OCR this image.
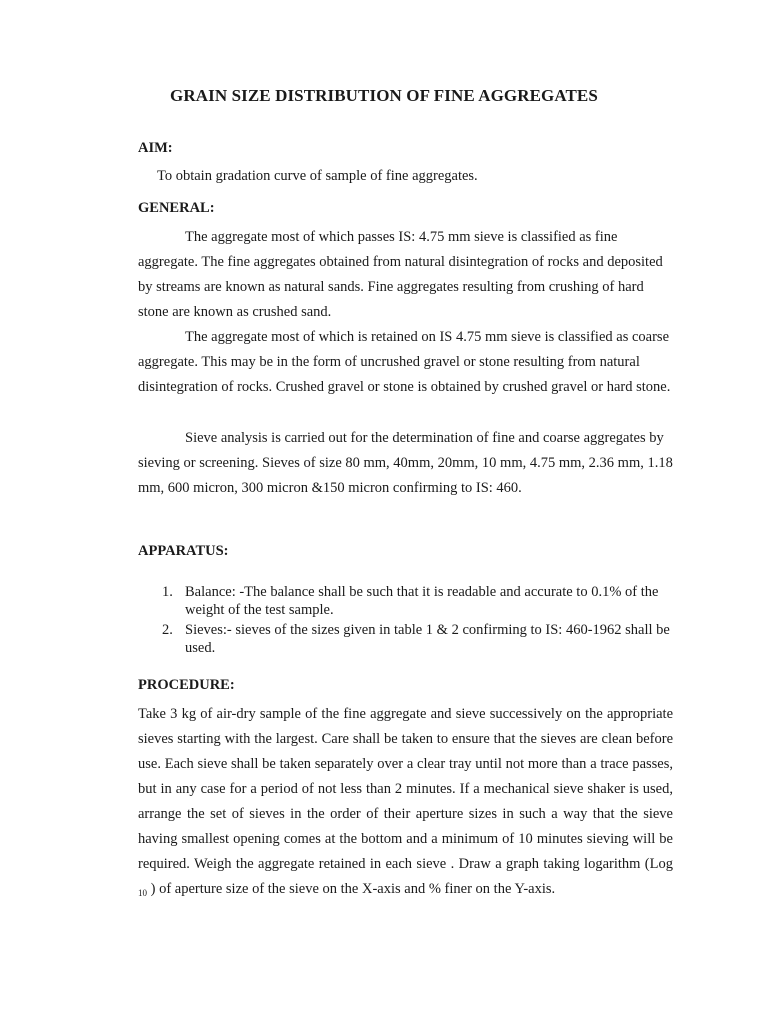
GRAIN SIZE DISTRIBUTION OF FINE AGGREGATES
AIM:
To obtain gradation curve of sample of fine aggregates.
GENERAL:
The aggregate most of which passes IS: 4.75 mm sieve is classified as fine aggregate. The fine aggregates obtained from natural disintegration of rocks and deposited by streams are known as natural sands. Fine aggregates resulting from crushing of hard stone are known as crushed sand.
The aggregate most of which is retained on IS 4.75 mm sieve is classified as coarse aggregate. This may be in the form of uncrushed gravel or stone resulting from natural disintegration of rocks. Crushed gravel or stone is obtained by crushed gravel or hard stone.
Sieve analysis is carried out for the determination of fine and coarse aggregates by sieving or screening. Sieves of size 80 mm, 40mm, 20mm, 10 mm, 4.75 mm, 2.36 mm, 1.18 mm, 600 micron, 300 micron &150 micron confirming to IS: 460.
APPARATUS:
1. Balance: -The balance shall be such that it is readable and accurate to 0.1% of the weight of the test sample.
2. Sieves:- sieves of the sizes given in table 1 & 2 confirming to IS: 460-1962 shall be used.
PROCEDURE:
Take 3 kg of air-dry sample of the fine aggregate and sieve successively on the appropriate sieves starting with the largest. Care shall be taken to ensure that the sieves are clean before use. Each sieve shall be taken separately over a clear tray until not more than a trace passes, but in any case for a period of not less than 2 minutes. If a mechanical sieve shaker is used, arrange the set of sieves in the order of their aperture sizes in such a way that the sieve having smallest opening comes at the bottom and a minimum of 10 minutes sieving will be required. Weigh the aggregate retained in each sieve . Draw a graph taking logarithm (Log $_{10}$ ) of aperture size of the sieve on the X-axis and % finer on the Y-axis.
